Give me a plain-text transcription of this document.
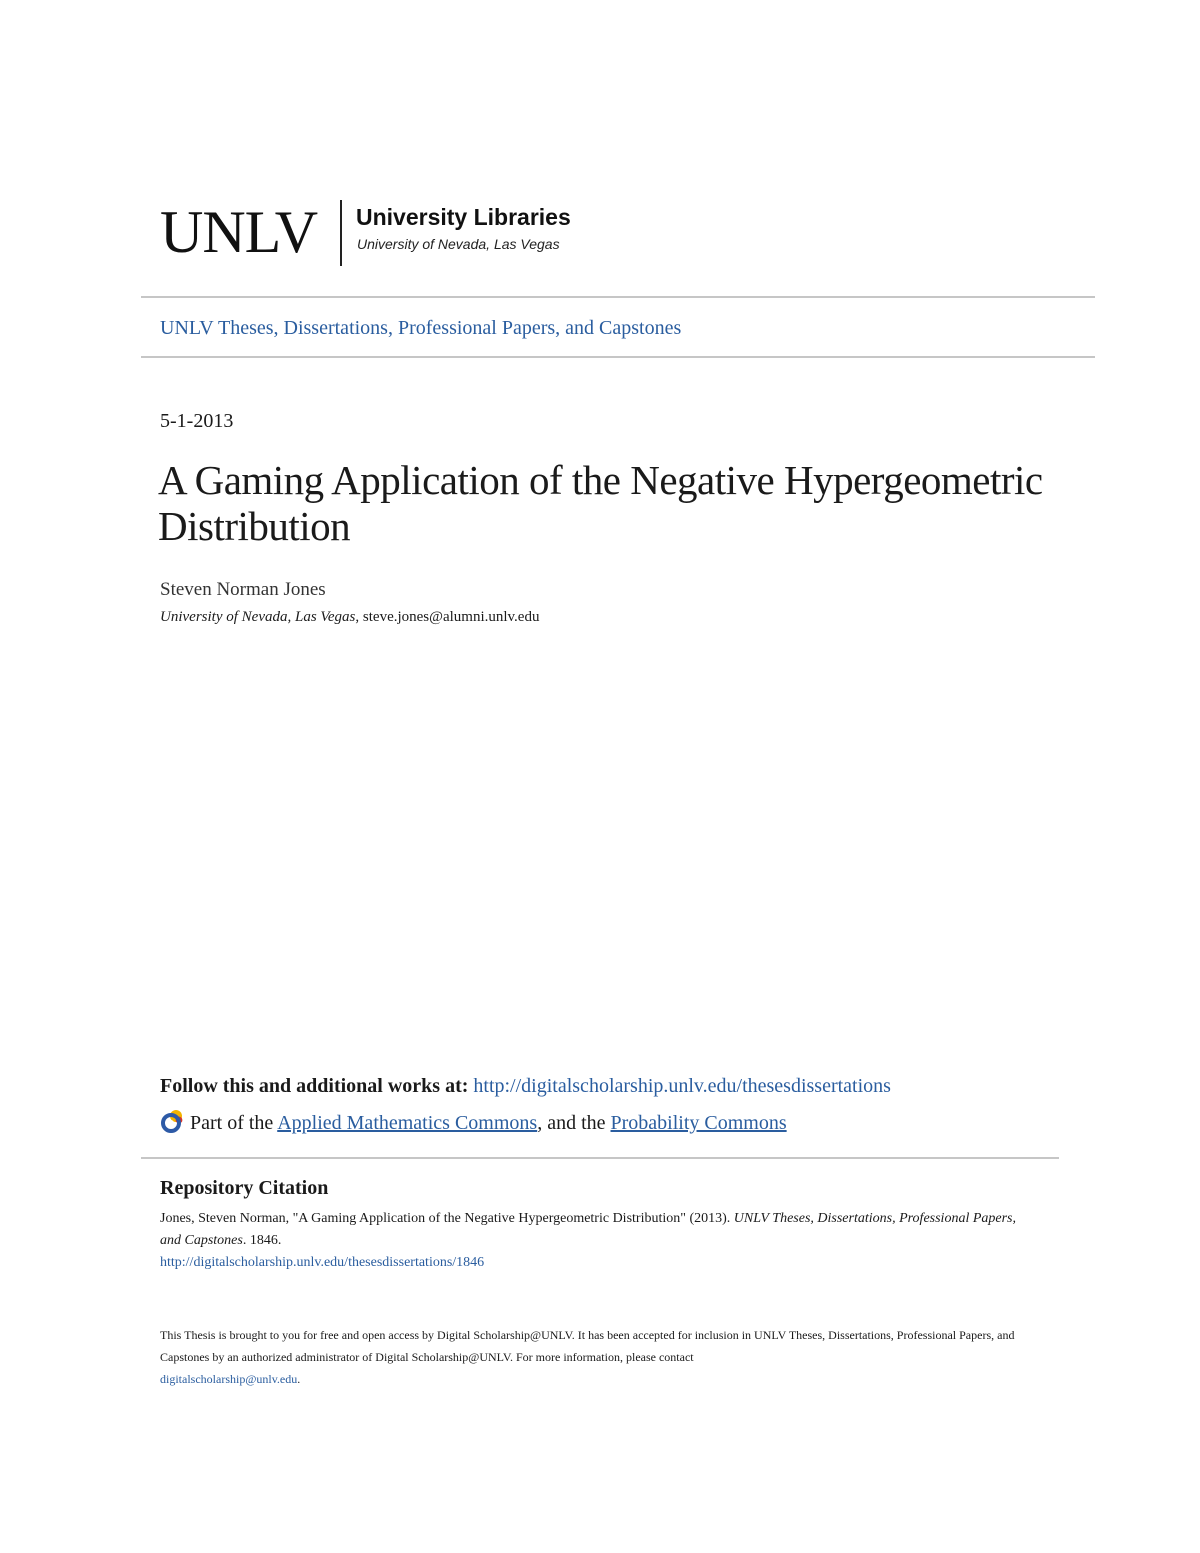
UNLV University Libraries
University of Nevada, Las Vegas
UNLV Theses, Dissertations, Professional Papers, and Capstones
5-1-2013
A Gaming Application of the Negative Hypergeometric Distribution
Steven Norman Jones
University of Nevada, Las Vegas, steve.jones@alumni.unlv.edu
Follow this and additional works at: http://digitalscholarship.unlv.edu/thesesdissertations
Part of the Applied Mathematics Commons, and the Probability Commons
Repository Citation
Jones, Steven Norman, "A Gaming Application of the Negative Hypergeometric Distribution" (2013). UNLV Theses, Dissertations, Professional Papers, and Capstones. 1846.
http://digitalscholarship.unlv.edu/thesesdissertations/1846
This Thesis is brought to you for free and open access by Digital Scholarship@UNLV. It has been accepted for inclusion in UNLV Theses, Dissertations, Professional Papers, and Capstones by an authorized administrator of Digital Scholarship@UNLV. For more information, please contact
digitalscholarship@unlv.edu.
